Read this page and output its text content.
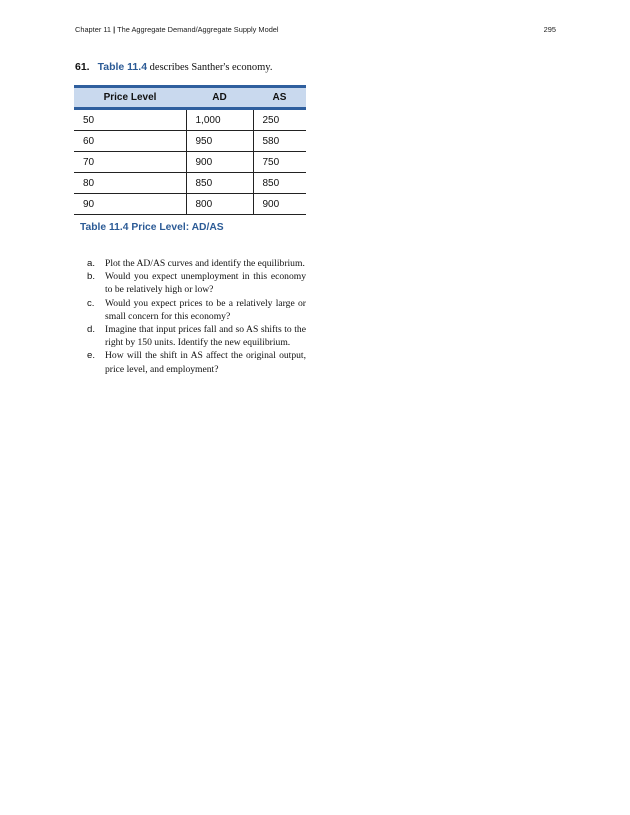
Chapter 11 | The Aggregate Demand/Aggregate Supply Model	295
61. Table 11.4 describes Santher's economy.
Price Level	AD	AS
50	1,000	250
60	950	580
70	900	750
80	850	850
90	800	900
Table 11.4 Price Level: AD/AS
a.	Plot the AD/AS curves and identify the equilibrium.
b.	Would you expect unemployment in this economy to be relatively high or low?
c.	Would you expect prices to be a relatively large or small concern for this economy?
d.	Imagine that input prices fall and so AS shifts to the right by 150 units. Identify the new equilibrium.
e.	How will the shift in AS affect the original output, price level, and employment?
